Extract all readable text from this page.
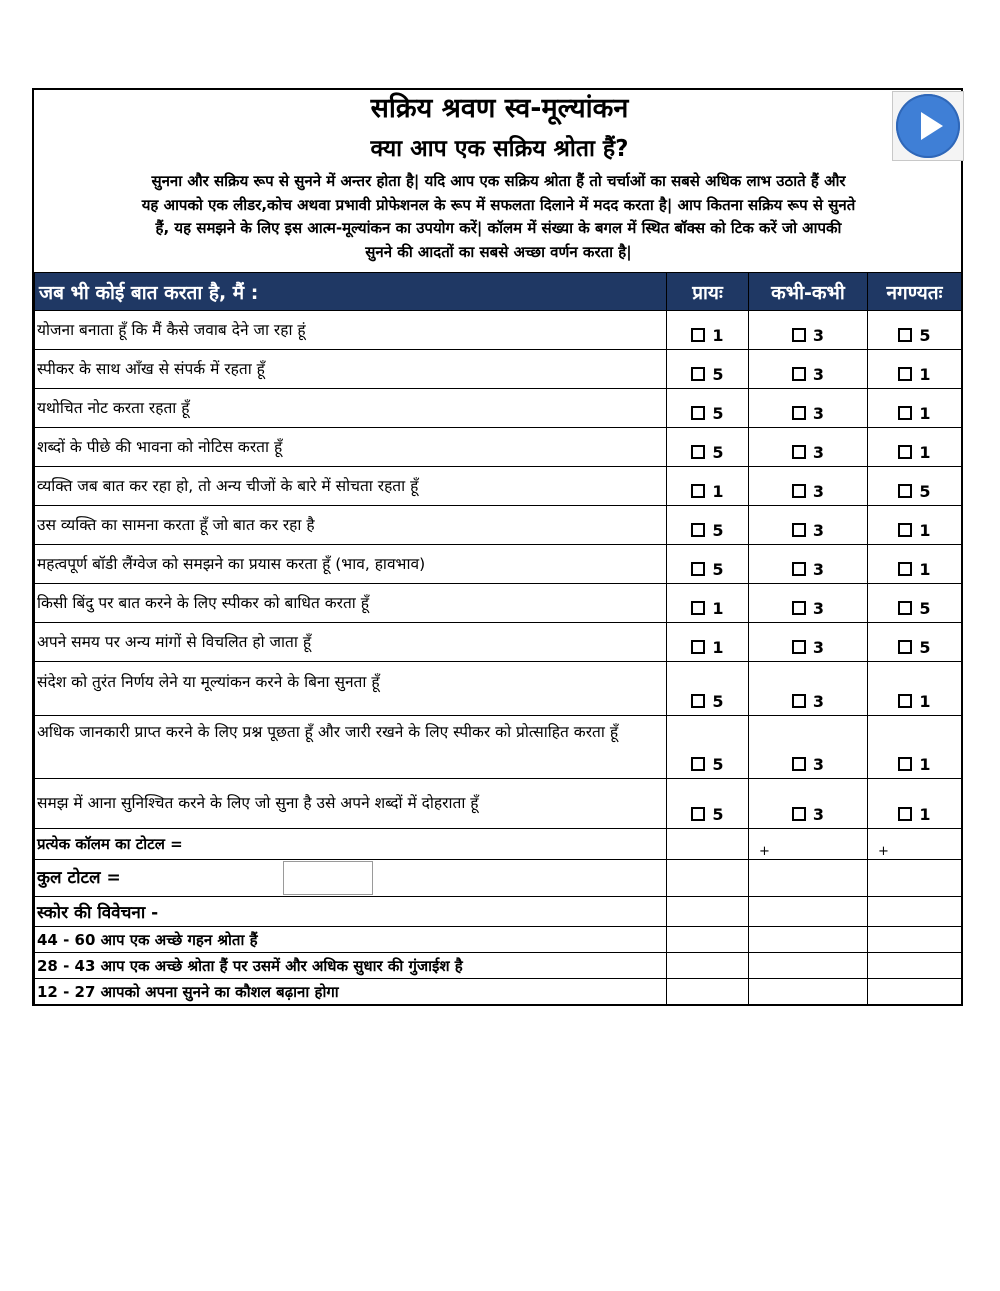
सक्रिय श्रवण स्व-मूल्यांकन
क्या आप एक सक्रिय श्रोता हैं?
सुनना और सक्रिय रूप से सुनने में अन्तर होता है| यदि आप एक सक्रिय श्रोता हैं तो चर्चाओं का सबसे अधिक लाभ उठाते हैं और
यह आपको एक लीडर,कोच अथवा प्रभावी प्रोफेशनल के रूप में सफलता दिलाने में मदद करता है| आप कितना सक्रिय रूप से सुनते
हैं, यह समझने के लिए इस आत्म-मूल्यांकन का उपयोग करें| कॉलम में संख्या के बगल में स्थित बॉक्स को टिक करें जो आपकी
सुनने की आदतों का सबसे अच्छा वर्णन करता है|
जब भी कोई बात करता है, मैं :	प्रायः	कभी-कभी	नगण्यतः
योजना बनाता हूँ कि मैं कैसे जवाब देने जा रहा हूं	1	3	5
स्पीकर के साथ आँख से संपर्क में रहता हूँ	5	3	1
यथोचित नोट करता रहता हूँ	5	3	1
शब्दों के पीछे की भावना को नोटिस करता हूँ	5	3	1
व्यक्ति जब बात कर रहा हो, तो अन्य चीजों के बारे में सोचता रहता हूँ	1	3	5
उस व्यक्ति का सामना करता हूँ जो बात कर रहा है	5	3	1
महत्वपूर्ण बॉडी लैंग्वेज को समझने का प्रयास करता हूँ (भाव, हावभाव)	5	3	1
किसी बिंदु पर बात करने के लिए स्पीकर को बाधित करता हूँ	1	3	5
अपने समय पर अन्य मांगों से विचलित हो जाता हूँ	1	3	5
संदेश को तुरंत निर्णय लेने या मूल्यांकन करने के बिना सुनता हूँ	5	3	1
अधिक जानकारी प्राप्त करने के लिए प्रश्न पूछता हूँ और जारी रखने के लिए स्पीकर को प्रोत्साहित करता हूँ	5	3	1
समझ में आना सुनिश्चित करने के लिए जो सुना है उसे अपने शब्दों में दोहराता हूँ	5	3	1
प्रत्येक कॉलम का टोटल =		+	+
कुल टोटल =			
स्कोर की विवेचना -			
44 - 60 आप एक अच्छे गहन श्रोता हैं			
28 - 43 आप एक अच्छे श्रोता हैं पर उसमें और अधिक सुधार की गुंजाईश है			
12 - 27 आपको अपना सुनने का कौशल बढ़ाना होगा			
